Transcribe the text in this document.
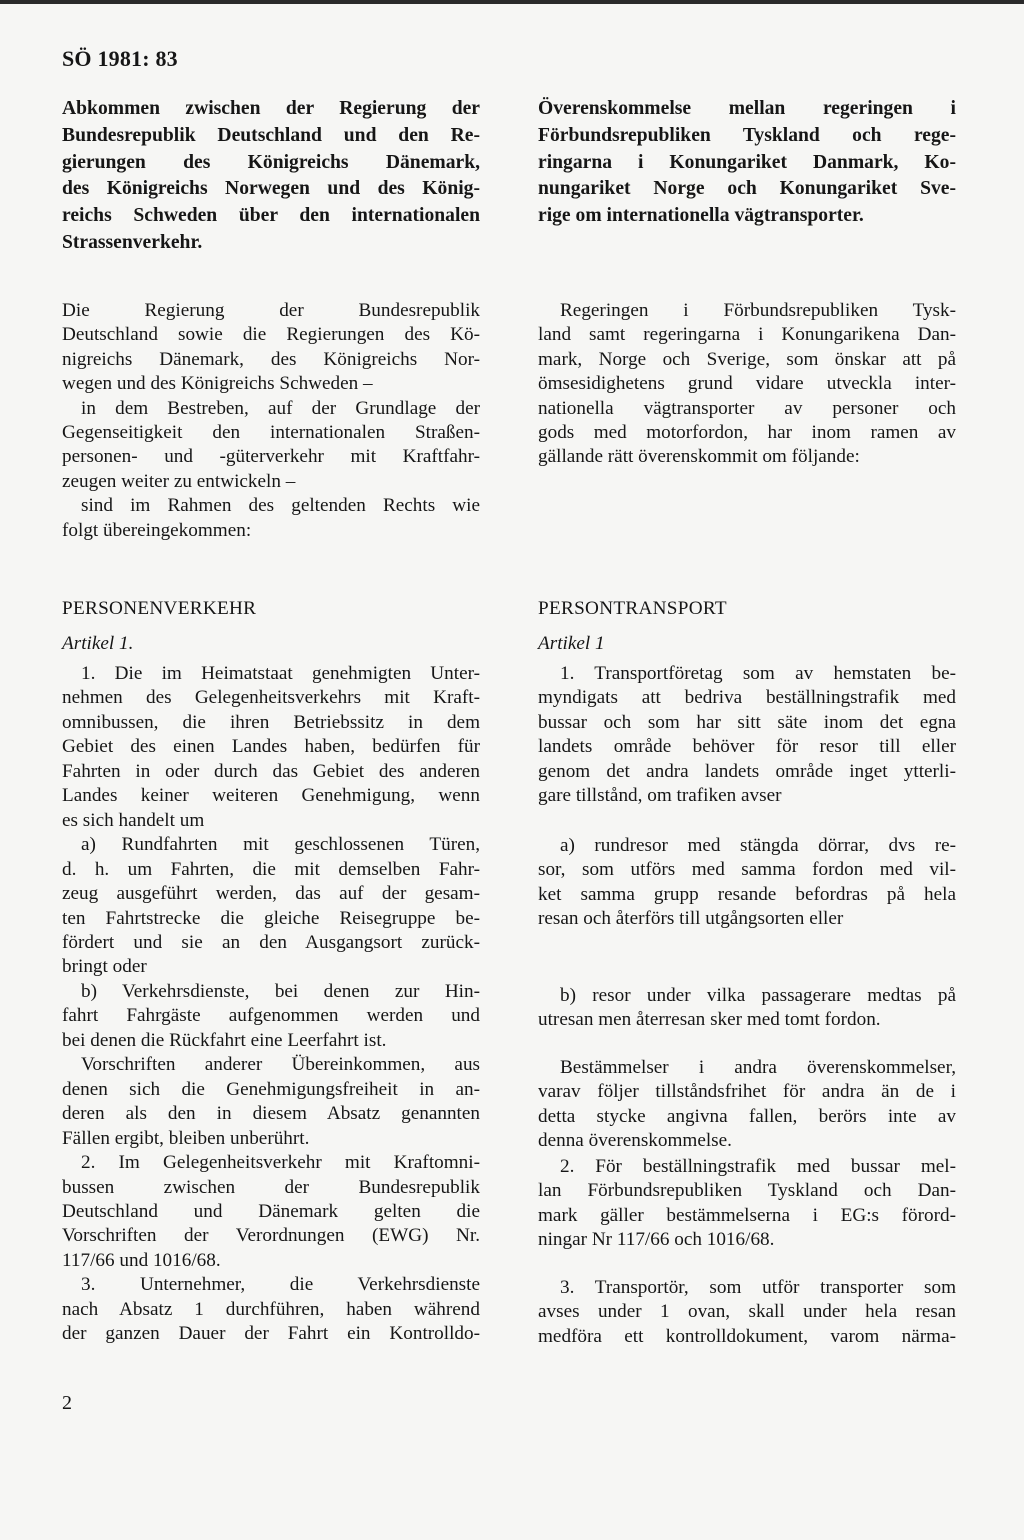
SÖ 1981: 83
Abkommen zwischen der Regierung der
Bundesrepublik Deutschland und den Re-
gierungen des Königreichs Dänemark,
des Königreichs Norwegen und des König-
reichs Schweden über den internationalen
Strassenverkehr.
Överenskommelse mellan regeringen i
Förbundsrepubliken Tyskland och rege-
ringarna i Konungariket Danmark, Ko-
nungariket Norge och Konungariket Sve-
rige om internationella vägtransporter.
Die Regierung der Bundesrepublik
Deutschland sowie die Regierungen des Kö-
nigreichs Dänemark, des Königreichs Nor-
wegen und des Königreichs Schweden –
in dem Bestreben, auf der Grundlage der
Gegenseitigkeit den internationalen Straßen-
personen- und -güterverkehr mit Kraftfahr-
zeugen weiter zu entwickeln –
sind im Rahmen des geltenden Rechts wie
folgt übereingekommen:
Regeringen i Förbundsrepubliken Tysk-
land samt regeringarna i Konungarikena Dan-
mark, Norge och Sverige, som önskar att på
ömsesidighetens grund vidare utveckla inter-
nationella vägtransporter av personer och
gods med motorfordon, har inom ramen av
gällande rätt överenskommit om följande:
PERSONENVERKEHR	PERSONTRANSPORT
Artikel 1.	Artikel 1
1. Die im Heimatstaat genehmigten Unter-
nehmen des Gelegenheitsverkehrs mit Kraft-
omnibussen, die ihren Betriebssitz in dem
Gebiet des einen Landes haben, bedürfen für
Fahrten in oder durch das Gebiet des anderen
Landes keiner weiteren Genehmigung, wenn
es sich handelt um
a) Rundfahrten mit geschlossenen Türen,
d. h. um Fahrten, die mit demselben Fahr-
zeug ausgeführt werden, das auf der gesam-
ten Fahrtstrecke die gleiche Reisegruppe be-
fördert und sie an den Ausgangsort zurück-
bringt oder
b) Verkehrsdienste, bei denen zur Hin-
fahrt Fahrgäste aufgenommen werden und
bei denen die Rückfahrt eine Leerfahrt ist.
Vorschriften anderer Übereinkommen, aus
denen sich die Genehmigungsfreiheit in an-
deren als den in diesem Absatz genannten
Fällen ergibt, bleiben unberührt.
2. Im Gelegenheitsverkehr mit Kraftomni-
bussen zwischen der Bundesrepublik
Deutschland und Dänemark gelten die
Vorschriften der Verordnungen (EWG) Nr.
117/66 und 1016/68.
3. Unternehmer, die Verkehrsdienste
nach Absatz 1 durchführen, haben während
der ganzen Dauer der Fahrt ein Kontrolldo-
1. Transportföretag som av hemstaten be-
myndigats att bedriva beställningstrafik med
bussar och som har sitt säte inom det egna
landets område behöver för resor till eller
genom det andra landets område inget ytterli-
gare tillstånd, om trafiken avser
a) rundresor med stängda dörrar, dvs re-
sor, som utförs med samma fordon med vil-
ket samma grupp resande befordras på hela
resan och återförs till utgångsorten eller
b) resor under vilka passagerare medtas på
utresan men återresan sker med tomt fordon.
Bestämmelser i andra överenskommelser,
varav följer tillståndsfrihet för andra än de i
detta stycke angivna fallen, berörs inte av
denna överenskommelse.
2. För beställningstrafik med bussar mel-
lan Förbundsrepubliken Tyskland och Dan-
mark gäller bestämmelserna i EG:s förord-
ningar Nr 117/66 och 1016/68.
3. Transportör, som utför transporter som
avses under 1 ovan, skall under hela resan
medföra ett kontrolldokument, varom närma-
2
